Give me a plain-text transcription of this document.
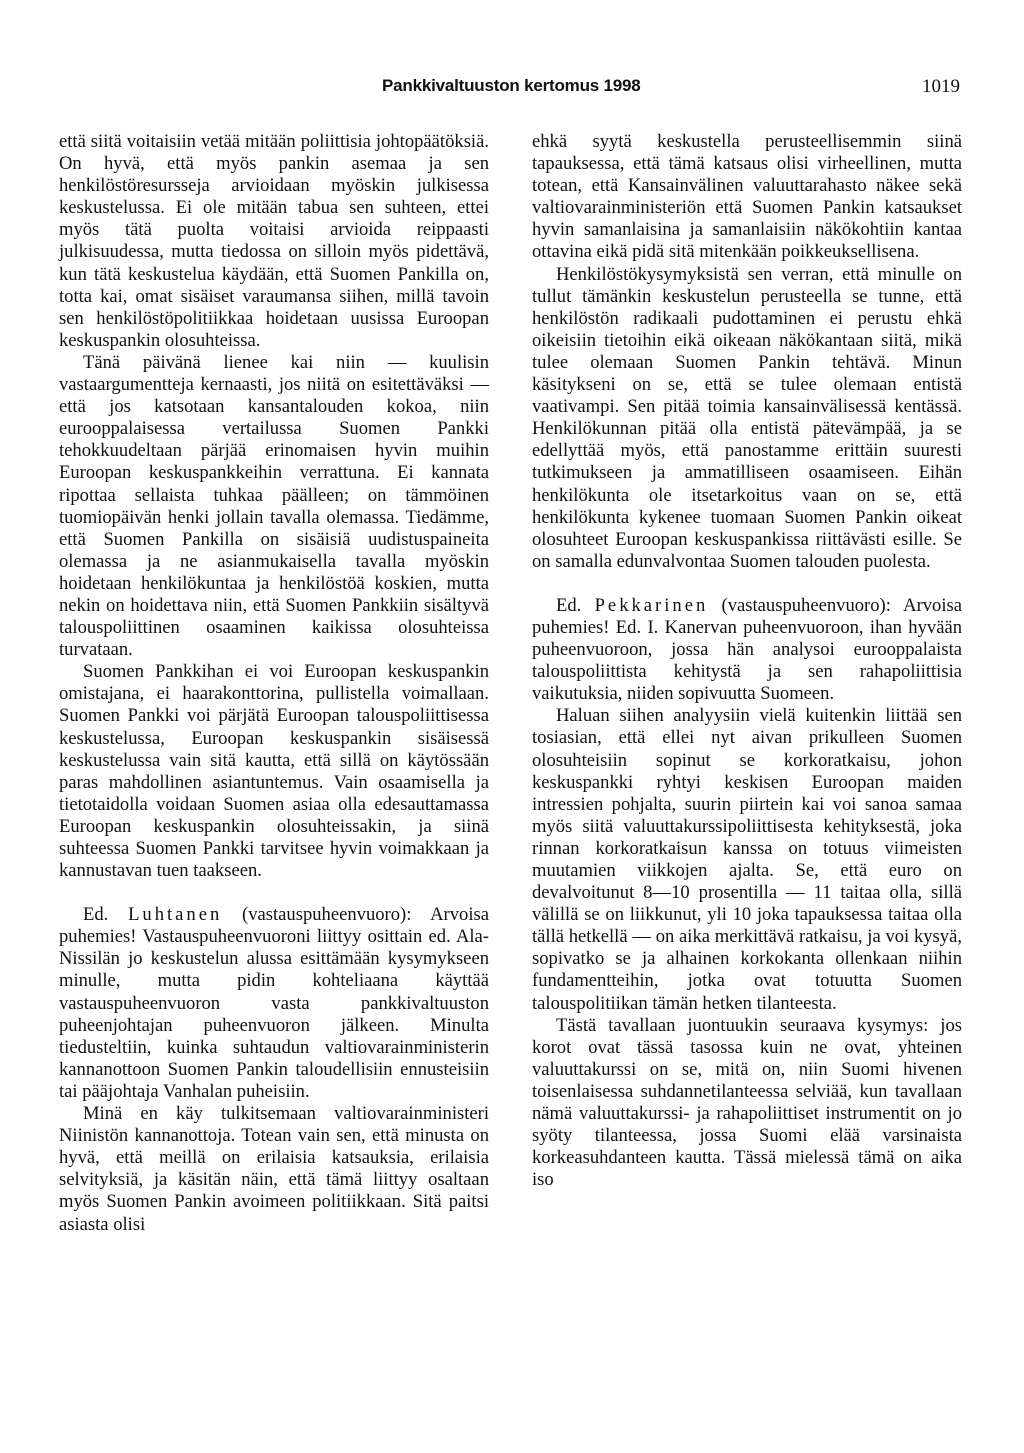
Pankkivaltuuston kertomus 1998	1019

että siitä voitaisiin vetää mitään poliittisia johtopäätöksiä. On hyvä, että myös pankin asemaa ja sen henkilöstöresursseja arvioidaan myöskin julkisessa keskustelussa. Ei ole mitään tabua sen suhteen, ettei myös tätä puolta voitaisi arvioida reippaasti julkisuudessa, mutta tiedossa on silloin myös pidettävä, kun tätä keskustelua käydään, että Suomen Pankilla on, totta kai, omat sisäiset varaumansa siihen, millä tavoin sen henkilöstöpolitiikkaa hoidetaan uusissa Euroopan keskuspankin olosuhteissa.

Tänä päivänä lienee kai niin — kuulisin vastaargumentteja kernaasti, jos niitä on esitettäväksi — että jos katsotaan kansantalouden kokoa, niin eurooppalaisessa vertailussa Suomen Pankki tehokkuudeltaan pärjää erinomaisen hyvin muihin Euroopan keskuspankkeihin verrattuna. Ei kannata ripottaa sellaista tuhkaa päälleen; on tämmöinen tuomiopäivän henki jollain tavalla olemassa. Tiedämme, että Suomen Pankilla on sisäisiä uudistuspaineita olemassa ja ne asianmukaisella tavalla myöskin hoidetaan henkilökuntaa ja henkilöstöä koskien, mutta nekin on hoidettava niin, että Suomen Pankkiin sisältyvä talouspoliittinen osaaminen kaikissa olosuhteissa turvataan.

Suomen Pankkihan ei voi Euroopan keskuspankin omistajana, ei haarakonttorina, pullistella voimallaan. Suomen Pankki voi pärjätä Euroopan talouspoliittisessa keskustelussa, Euroopan keskuspankin sisäisessä keskustelussa vain sitä kautta, että sillä on käytössään paras mahdollinen asiantuntemus. Vain osaamisella ja tietotaidolla voidaan Suomen asiaa olla edesauttamassa Euroopan keskuspankin olosuhteissakin, ja siinä suhteessa Suomen Pankki tarvitsee hyvin voimakkaan ja kannustavan tuen taakseen.

Ed. Luhtanen (vastauspuheenvuoro): Arvoisa puhemies! Vastauspuheenvuoroni liittyy osittain ed. Ala-Nissilän jo keskustelun alussa esittämään kysymykseen minulle, mutta pidin kohteliaana käyttää vastauspuheenvuoron vasta pankkivaltuuston puheenjohtajan puheenvuoron jälkeen. Minulta tiedusteltiin, kuinka suhtaudun valtiovarainministerin kannanottoon Suomen Pankin taloudellisiin ennusteisiin tai pääjohtaja Vanhalan puheisiin.

Minä en käy tulkitsemaan valtiovarainministeri Niinistön kannanottoja. Totean vain sen, että minusta on hyvä, että meillä on erilaisia katsauksia, erilaisia selvityksiä, ja käsitän näin, että tämä liittyy osaltaan myös Suomen Pankin avoimeen politiikkaan. Sitä paitsi asiasta olisi

ehkä syytä keskustella perusteellisemmin siinä tapauksessa, että tämä katsaus olisi virheellinen, mutta totean, että Kansainvälinen valuuttarahasto näkee sekä valtiovarainministeriön että Suomen Pankin katsaukset hyvin samanlaisina ja samanlaisiin näkökohtiin kantaa ottavina eikä pidä sitä mitenkään poikkeuksellisena.

Henkilöstökysymyksistä sen verran, että minulle on tullut tämänkin keskustelun perusteella se tunne, että henkilöstön radikaali pudottaminen ei perustu ehkä oikeisiin tietoihin eikä oikeaan näkökantaan siitä, mikä tulee olemaan Suomen Pankin tehtävä. Minun käsitykseni on se, että se tulee olemaan entistä vaativampi. Sen pitää toimia kansainvälisessä kentässä. Henkilökunnan pitää olla entistä pätevämpää, ja se edellyttää myös, että panostamme erittäin suuresti tutkimukseen ja ammatilliseen osaamiseen. Eihän henkilökunta ole itsetarkoitus vaan on se, että henkilökunta kykenee tuomaan Suomen Pankin oikeat olosuhteet Euroopan keskuspankissa riittävästi esille. Se on samalla edunvalvontaa Suomen talouden puolesta.

Ed. Pekkarinen (vastauspuheenvuoro): Arvoisa puhemies! Ed. I. Kanervan puheenvuoroon, ihan hyvään puheenvuoroon, jossa hän analysoi eurooppalaista talouspoliittista kehitystä ja sen rahapoliittisia vaikutuksia, niiden sopivuutta Suomeen.

Haluan siihen analyysiin vielä kuitenkin liittää sen tosiasian, että ellei nyt aivan prikulleen Suomen olosuhteisiin sopinut se korkoratkaisu, johon keskuspankki ryhtyi keskisen Euroopan maiden intressien pohjalta, suurin piirtein kai voi sanoa samaa myös siitä valuuttakurssipoliittisesta kehityksestä, joka rinnan korkoratkaisun kanssa on totuus viimeisten muutamien viikkojen ajalta. Se, että euro on devalvoitunut 8—10 prosentilla — 11 taitaa olla, sillä välillä se on liikkunut, yli 10 joka tapauksessa taitaa olla tällä hetkellä — on aika merkittävä ratkaisu, ja voi kysyä, sopivatko se ja alhainen korkokanta ollenkaan niihin fundamentteihin, jotka ovat totuutta Suomen talouspolitiikan tämän hetken tilanteesta.

Tästä tavallaan juontuukin seuraava kysymys: jos korot ovat tässä tasossa kuin ne ovat, yhteinen valuuttakurssi on se, mitä on, niin Suomi hivenen toisenlaisessa suhdannetilanteessa selviää, kun tavallaan nämä valuuttakurssi- ja rahapoliittiset instrumentit on jo syöty tilanteessa, jossa Suomi elää varsinaista korkeasuhdanteen kautta. Tässä mielessä tämä on aika iso
